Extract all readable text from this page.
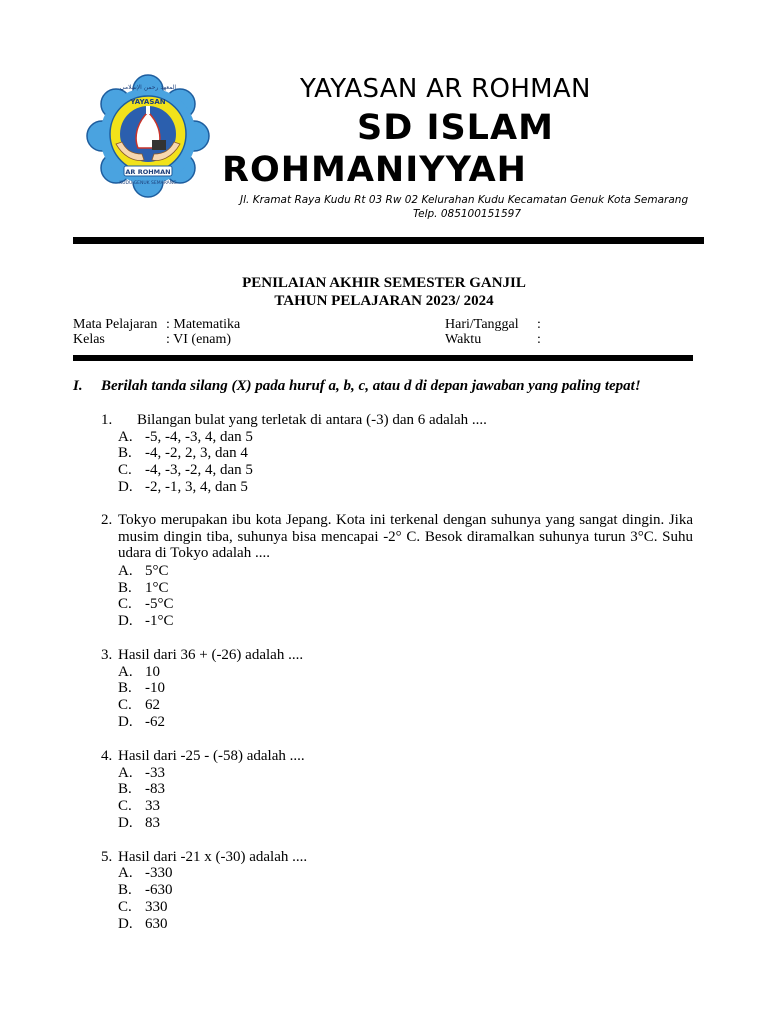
YAYASAN
المعهد رحمن الإسلامي
AR ROHMAN
KUDU GENUK SEMARANG
YAYASAN AR ROHMAN
SD ISLAM
ROHMANIYYAH
Jl. Kramat Raya Kudu Rt 03 Rw 02 Kelurahan Kudu Kecamatan Genuk Kota Semarang
Telp. 085100151597
PENILAIAN AKHIR SEMESTER GANJIL
TAHUN PELAJARAN 2023/ 2024
Mata Pelajaran : Matematika
Kelas	: VI (enam)
Hari/Tanggal :
Waktu	:
I. Berilah tanda silang (X) pada huruf a, b, c, atau d di depan jawaban yang paling tepat!
1. Bilangan bulat yang terletak di antara (-3) dan 6 adalah ....
A. -5, -4, -3, 4, dan 5
B. -4, -2, 2, 3, dan 4
C. -4, -3, -2, 4, dan 5
D. -2, -1, 3, 4, dan 5
2. Tokyo merupakan ibu kota Jepang. Kota ini terkenal dengan suhunya yang sangat dingin. Jika musim dingin tiba, suhunya bisa mencapai -2° C. Besok diramalkan suhunya turun 3°C. Suhu udara di Tokyo adalah ....
A. 5°C
B. 1°C
C. -5°C
D. -1°C
3. Hasil dari 36 + (-26) adalah ....
A. 10
B. -10
C. 62
D. -62
4. Hasil dari -25 - (-58) adalah ....
A. -33
B. -83
C. 33
D. 83
5. Hasil dari -21 x (-30) adalah ....
A. -330
B. -630
C. 330
D. 630
